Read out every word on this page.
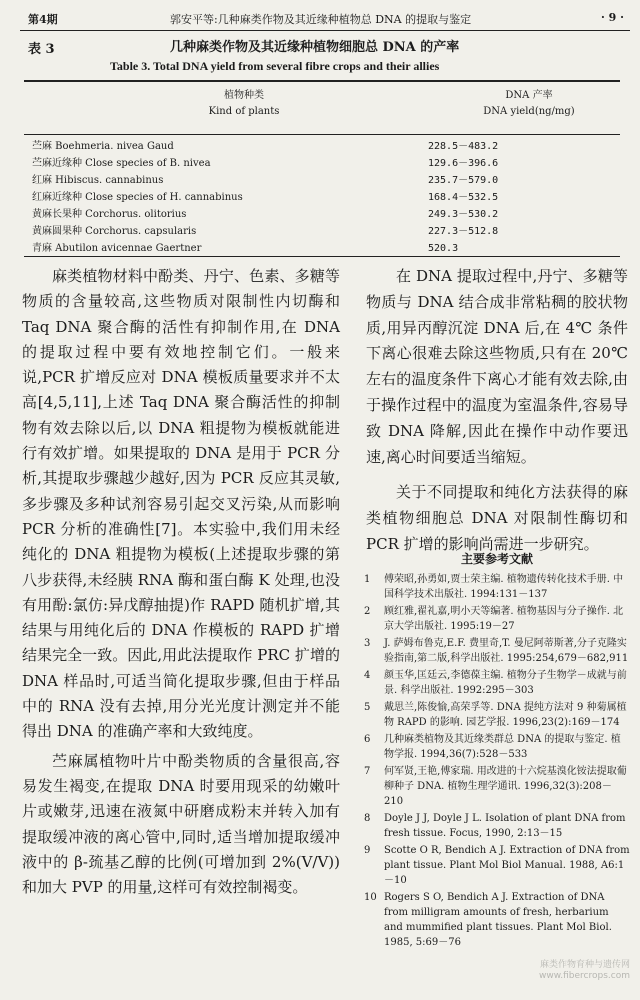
第4期	郭安平等:几种麻类作物及其近缘种植物总 DNA 的提取与鉴定	· 9 ·
表 3	几种麻类作物及其近缘种植物细胞总 DNA 的产率
Table 3. Total DNA yield from several fibre crops and their allies
植物种类
Kind of plants
DNA 产率
DNA yield(ng/mg)
苎麻 Boehmeria. nivea Gaud	228.5－483.2
苎麻近缘种 Close species of B. nivea	129.6－396.6
红麻 Hibiscus. cannabinus	235.7－579.0
红麻近缘种 Close species of H. cannabinus	168.4－532.5
黄麻长果种 Corchorus. olitorius	249.3－530.2
黄麻圆果种 Corchorus. capsularis	227.3－512.8
青麻 Abutilon avicennae Gaertner	520.3

麻类植物材料中酚类、丹宁、色素、多糖等物质的含量较高,这些物质对限制性内切酶和 Taq DNA 聚合酶的活性有抑制作用,在 DNA 的提取过程中要有效地控制它们。一般来说,PCR 扩增反应对 DNA 模板质量要求并不太高[4,5,11],上述 Taq DNA 聚合酶活性的抑制物有效去除以后,以 DNA 粗提物为模板就能进行有效扩增。如果提取的 DNA 是用于 PCR 分析,其提取步骤越少越好,因为 PCR 反应其灵敏,多步骤及多种试剂容易引起交叉污染,从而影响 PCR 分析的准确性[7]。本实验中,我们用未经纯化的 DNA 粗提物为模板(上述提取步骤的第八步获得,未经胰 RNA 酶和蛋白酶 K 处理,也没有用酚:氯仿:异戊醇抽提)作 RAPD 随机扩增,其结果与用纯化后的 DNA 作模板的 RAPD 扩增结果完全一致。因此,用此法提取作 PRC 扩增的 DNA 样品时,可适当简化提取步骤,但由于样品中的 RNA 没有去掉,用分光光度计测定并不能得出 DNA 的准确产率和大致纯度。

苎麻属植物叶片中酚类物质的含量很高,容易发生褐变,在提取 DNA 时要用现采的幼嫩叶片或嫩芽,迅速在液氮中研磨成粉末并转入加有提取缓冲液的离心管中,同时,适当增加提取缓冲液中的 β-巯基乙醇的比例(可增加到 2%(V/V))和加大 PVP 的用量,这样可有效控制褐变。

在 DNA 提取过程中,丹宁、多糖等物质与 DNA 结合成非常粘稠的胶状物质,用异丙醇沉淀 DNA 后,在 4℃ 条件下离心很难去除这些物质,只有在 20℃ 左右的温度条件下离心才能有效去除,由于操作过程中的温度为室温条件,容易导致 DNA 降解,因此在操作中动作要迅速,离心时间要适当缩短。

关于不同提取和纯化方法获得的麻类植物细胞总 DNA 对限制性酶切和 PCR 扩增的影响尚需进一步研究。

主要参考文献
1 傅荣昭,孙勇如,贾士荣主编. 植物遗传转化技术手册. 中国科学技术出版社. 1994:131－137
2 顾红雅,翟礼嘉,明小天等编著. 植物基因与分子操作. 北京大学出版社. 1995:19－27
3 J. 萨姆布鲁克,E.F. 费里奇,T. 曼尼阿蒂斯著,分子克隆实验指南,第二版,科学出版社. 1995:254,679－682,911
4 颜玉华,匡廷云,李德葆主编. 植物分子生物学－成就与前景. 科学出版社. 1992:295－303
5 戴思兰,陈俊愉,高荣孚等. DNA 提纯方法对 9 种菊属植物 RAPD 的影响. 园艺学报. 1996,23(2):169－174
6 几种麻类植物及其近缘类群总 DNA 的提取与鉴定. 植物学报. 1994,36(7):528－533
7 何军贤,王艳,傅家瑞. 用改进的十六烷基溴化铵法提取葡柳种子 DNA. 植物生理学通讯. 1996,32(3):208－210
8 Doyle J J, Doyle J L. Isolation of plant DNA from fresh tissue. Focus, 1990, 2:13－15
9 Scotte O R, Bendich A J. Extraction of DNA from plant tissue. Plant Mol Biol Manual. 1988, A6:1－10
10 Rogers S O, Bendich A J. Extraction of DNA from milligram amounts of fresh, herbarium and mummified plant tissues. Plant Mol Biol. 1985, 5:69－76
麻类作物育种与遗传网
www.fibercrops.com
